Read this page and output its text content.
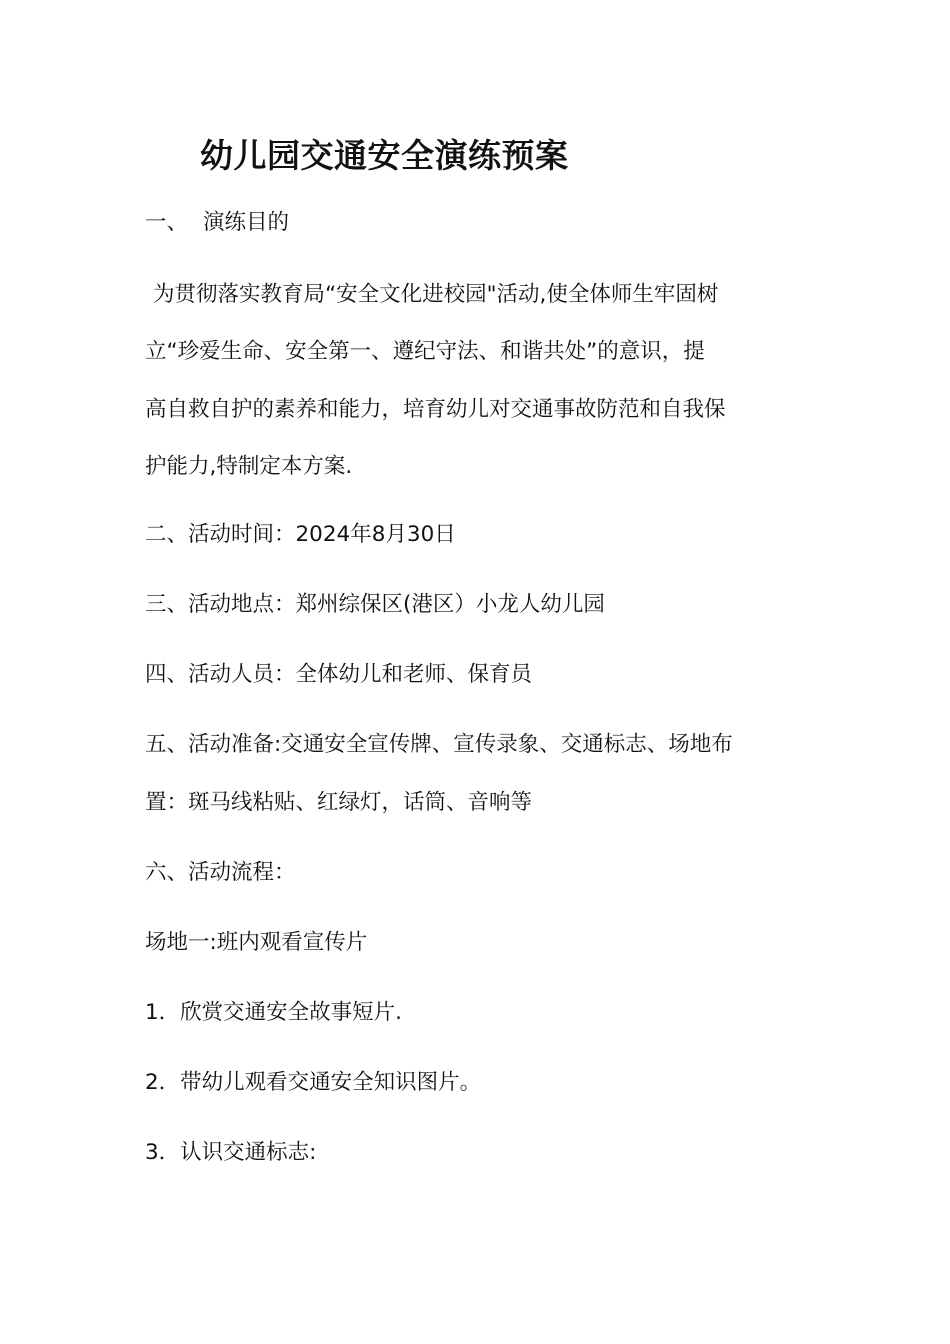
幼儿园交通安全演练预案
一、 演练目的
为贯彻落实教育局“安全文化进校园"活动,使全体师生牢固树
立“珍爱生命、安全第一、遵纪守法、和谐共处”的意识，提
高自救自护的素养和能力，培育幼儿对交通事故防范和自我保
护能力,特制定本方案.
二、活动时间：2024年8月30日
三、活动地点：郑州综保区(港区）小龙人幼儿园
四、活动人员：全体幼儿和老师、保育员
五、活动准备:交通安全宣传牌、宣传录象、交通标志、场地布
置：斑马线粘贴、红绿灯，话筒、音响等
六、活动流程：
场地一:班内观看宣传片
1．欣赏交通安全故事短片.
2．带幼儿观看交通安全知识图片。
3．认识交通标志:
